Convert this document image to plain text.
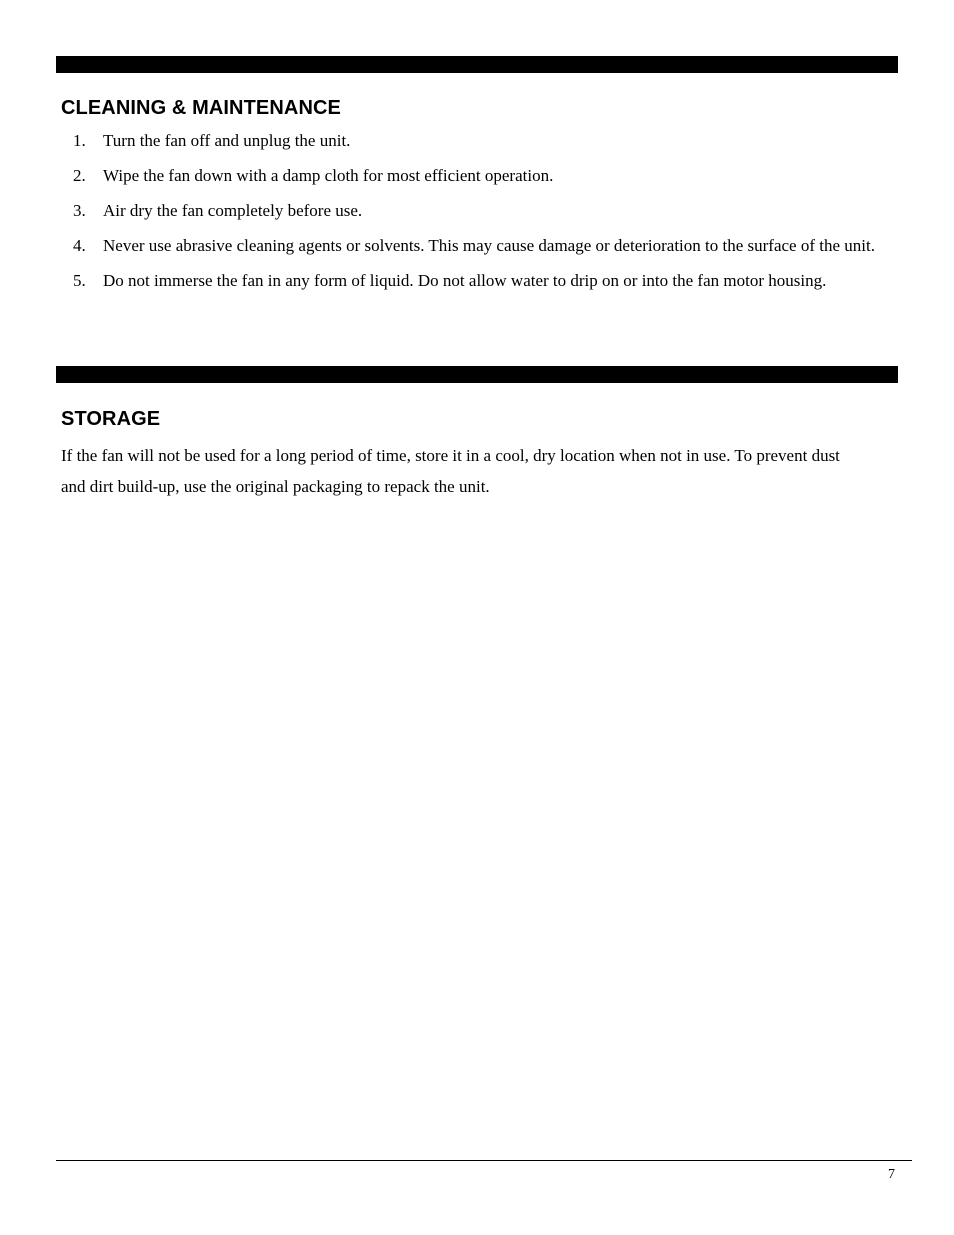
CLEANING & MAINTENANCE
1. Turn the fan off and unplug the unit.
2. Wipe the fan down with a damp cloth for most efficient operation.
3. Air dry the fan completely before use.
4. Never use abrasive cleaning agents or solvents. This may cause damage or deterioration to the surface of the unit.
5. Do not immerse the fan in any form of liquid. Do not allow water to drip on or into the fan motor housing.
STORAGE

If the fan will not be used for a long period of time, store it in a cool, dry location when not in use. To prevent dust and dirt build-up, use the original packaging to repack the unit.

7
